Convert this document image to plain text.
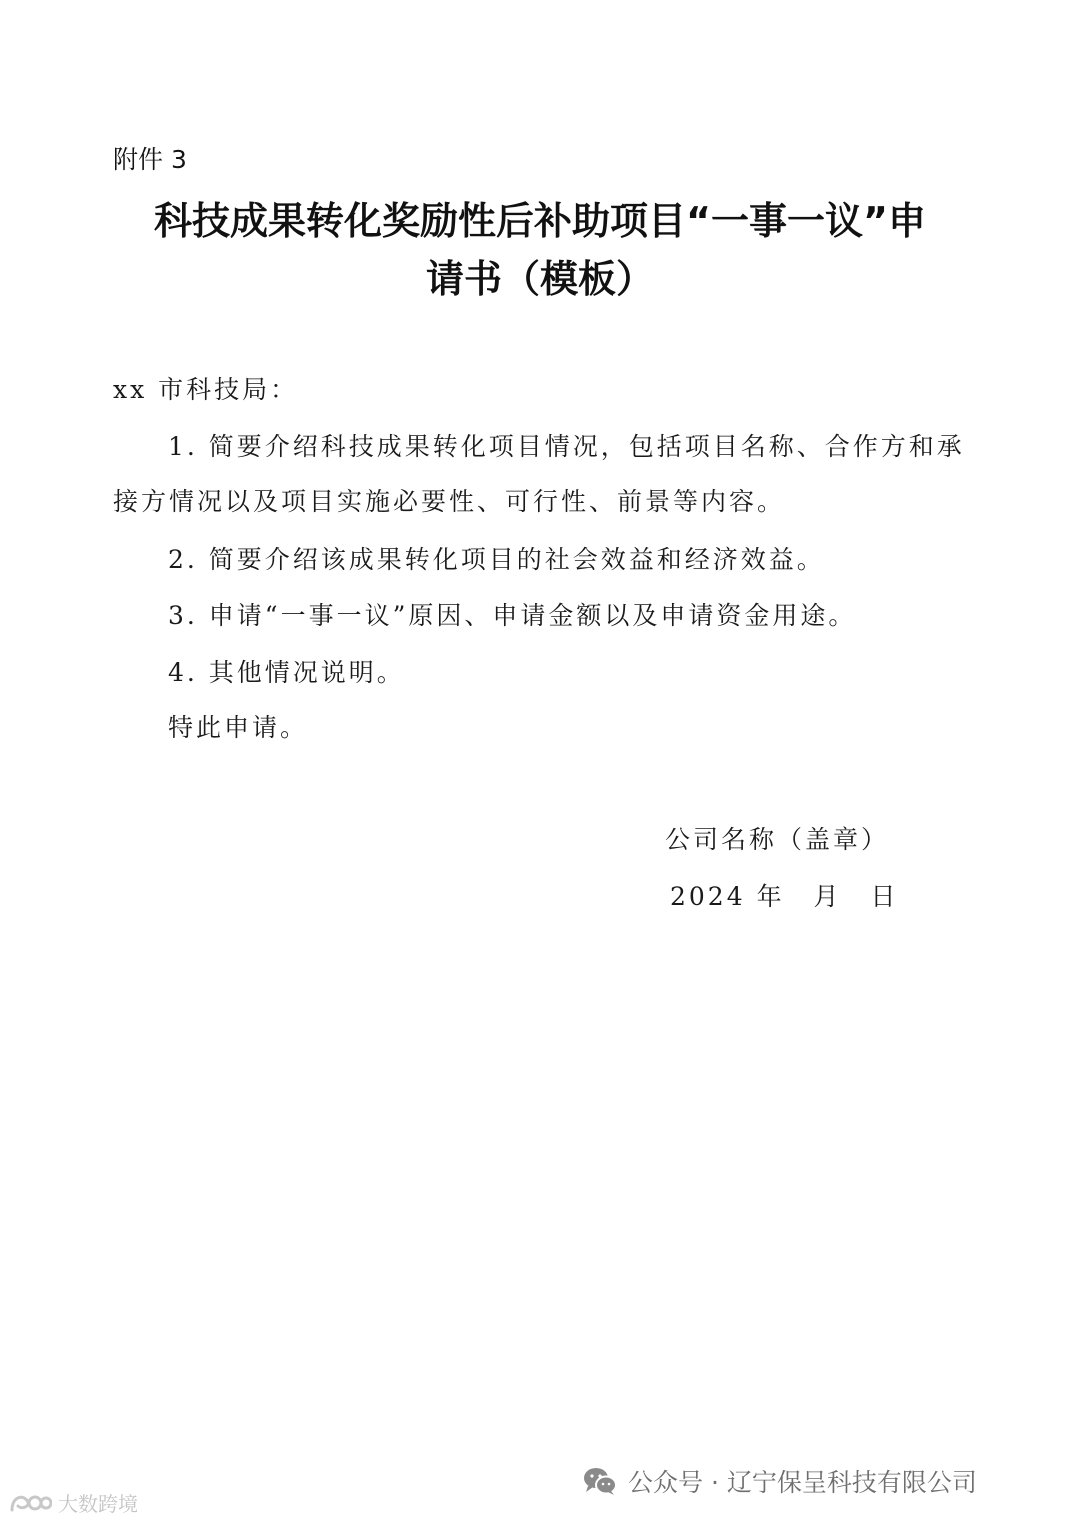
附件 3

科技成果转化奖励性后补助项目“一事一议”申
请书（模板）

xx 市科技局：

1. 简要介绍科技成果转化项目情况，包括项目名称、合作方和承

接方情况以及项目实施必要性、可行性、前景等内容。

2. 简要介绍该成果转化项目的社会效益和经济效益。

3. 申请“一事一议”原因、申请金额以及申请资金用途。

4. 其他情况说明。

特此申请。

公司名称（盖章）

2024 年 月 日

公众号 · 辽宁保呈科技有限公司
大数跨境
